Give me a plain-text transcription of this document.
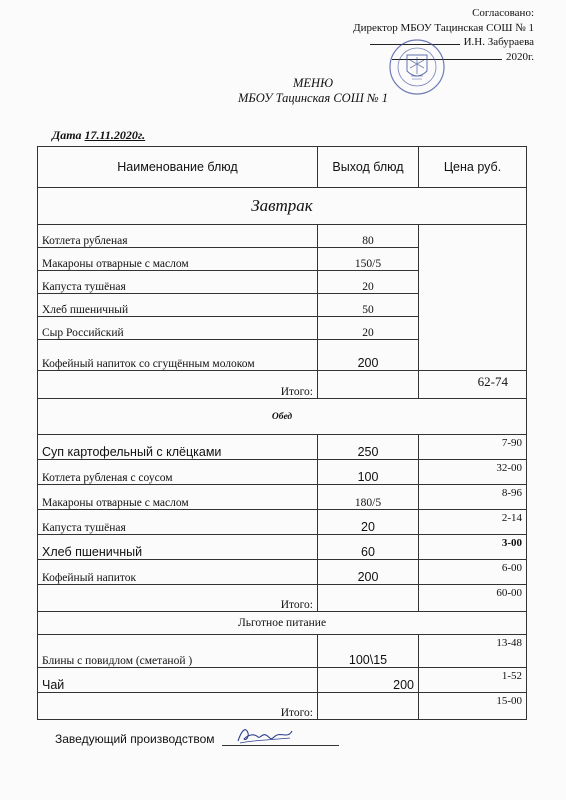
Согласовано:
Директор МБОУ Тацинская СОШ № 1
И.Н. Забураева
2020г.
МЕНЮ
МБОУ Тацинская СОШ № 1
Дата 17.11.2020г.
Наименование блюд	Выход блюд	Цена руб.
Завтрак		
Котлета рубленая	80	
Макароны отварные с маслом	150/5	
Капуста тушёная	20	
Хлеб пшеничный	50	
Сыр Российский	20	
Кофейный напиток со сгущённым молоком	200	
Итого:		62-74
Обед		
Суп картофельный с клёцками	250	7-90
Котлета рубленая с соусом	100	32-00
Макароны отварные с маслом	180/5	8-96
Капуста тушёная	20	2-14
Хлеб пшеничный	60	3-00
Кофейный напиток	200	6-00
Итого:		60-00
Льготное питание		
Блины с повидлом (сметаной )	100\15	13-48
Чай	200	1-52
Итого:		15-00
Заведующий производством
